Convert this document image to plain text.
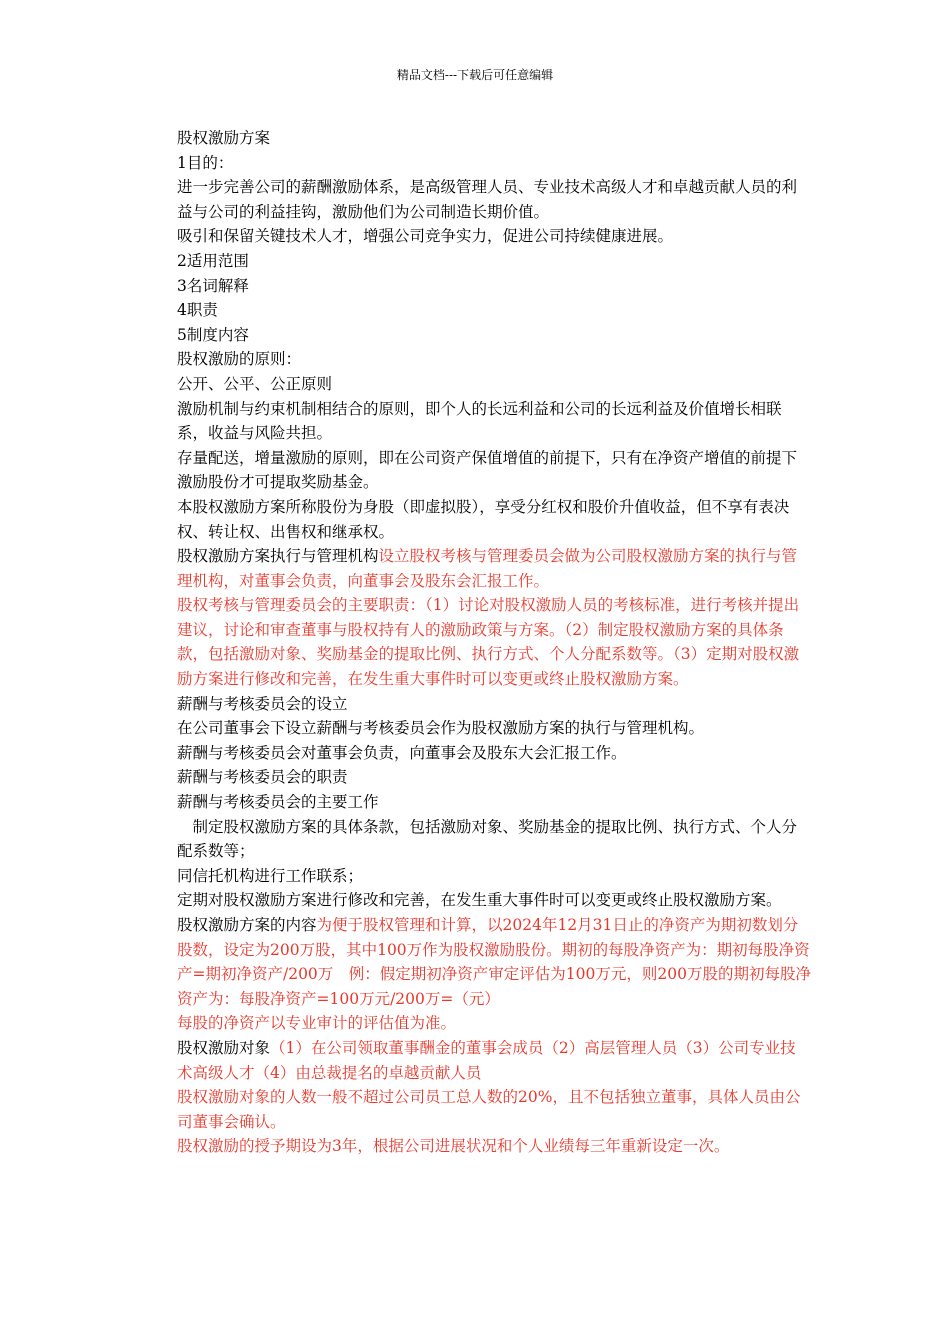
精品文档---下载后可任意编辑

股权激励方案

1目的：

进一步完善公司的薪酬激励体系，是高级管理人员、专业技术高级人才和卓越贡献人员的利益与公司的利益挂钩，激励他们为公司制造长期价值。

吸引和保留关键技术人才，增强公司竞争实力，促进公司持续健康进展。

2适用范围

3名词解释

4职责

5制度内容

股权激励的原则：

公开、公平、公正原则

激励机制与约束机制相结合的原则，即个人的长远利益和公司的长远利益及价值增长相联系，收益与风险共担。

存量配送，增量激励的原则，即在公司资产保值增值的前提下，只有在净资产增值的前提下激励股份才可提取奖励基金。

本股权激励方案所称股份为身股（即虚拟股），享受分红权和股价升值收益，但不享有表决权、转让权、出售权和继承权。

股权激励方案执行与管理机构设立股权考核与管理委员会做为公司股权激励方案的执行与管理机构，对董事会负责，向董事会及股东会汇报工作。

股权考核与管理委员会的主要职责：（1）讨论对股权激励人员的考核标准，进行考核并提出建议，讨论和审查董事与股权持有人的激励政策与方案。（2）制定股权激励方案的具体条款，包括激励对象、奖励基金的提取比例、执行方式、个人分配系数等。（3）定期对股权激励方案进行修改和完善，在发生重大事件时可以变更或终止股权激励方案。

薪酬与考核委员会的设立

在公司董事会下设立薪酬与考核委员会作为股权激励方案的执行与管理机构。

薪酬与考核委员会对董事会负责，向董事会及股东大会汇报工作。

薪酬与考核委员会的职责

薪酬与考核委员会的主要工作

制定股权激励方案的具体条款，包括激励对象、奖励基金的提取比例、执行方式、个人分配系数等；

同信托机构进行工作联系；

定期对股权激励方案进行修改和完善，在发生重大事件时可以变更或终止股权激励方案。

股权激励方案的内容为便于股权管理和计算，以2024年12月31日止的净资产为期初数划分股数，设定为200万股，其中100万作为股权激励股份。期初的每股净资产为：期初每股净资产=期初净资产/200万　例：假定期初净资产审定评估为100万元，则200万股的期初每股净资产为：每股净资产=100万元/200万=（元）

每股的净资产以专业审计的评估值为准。

股权激励对象（1）在公司领取董事酬金的董事会成员（2）高层管理人员（3）公司专业技术高级人才（4）由总裁提名的卓越贡献人员

股权激励对象的人数一般不超过公司员工总人数的20%，且不包括独立董事，具体人员由公司董事会确认。

股权激励的授予期设为3年，根据公司进展状况和个人业绩每三年重新设定一次。
